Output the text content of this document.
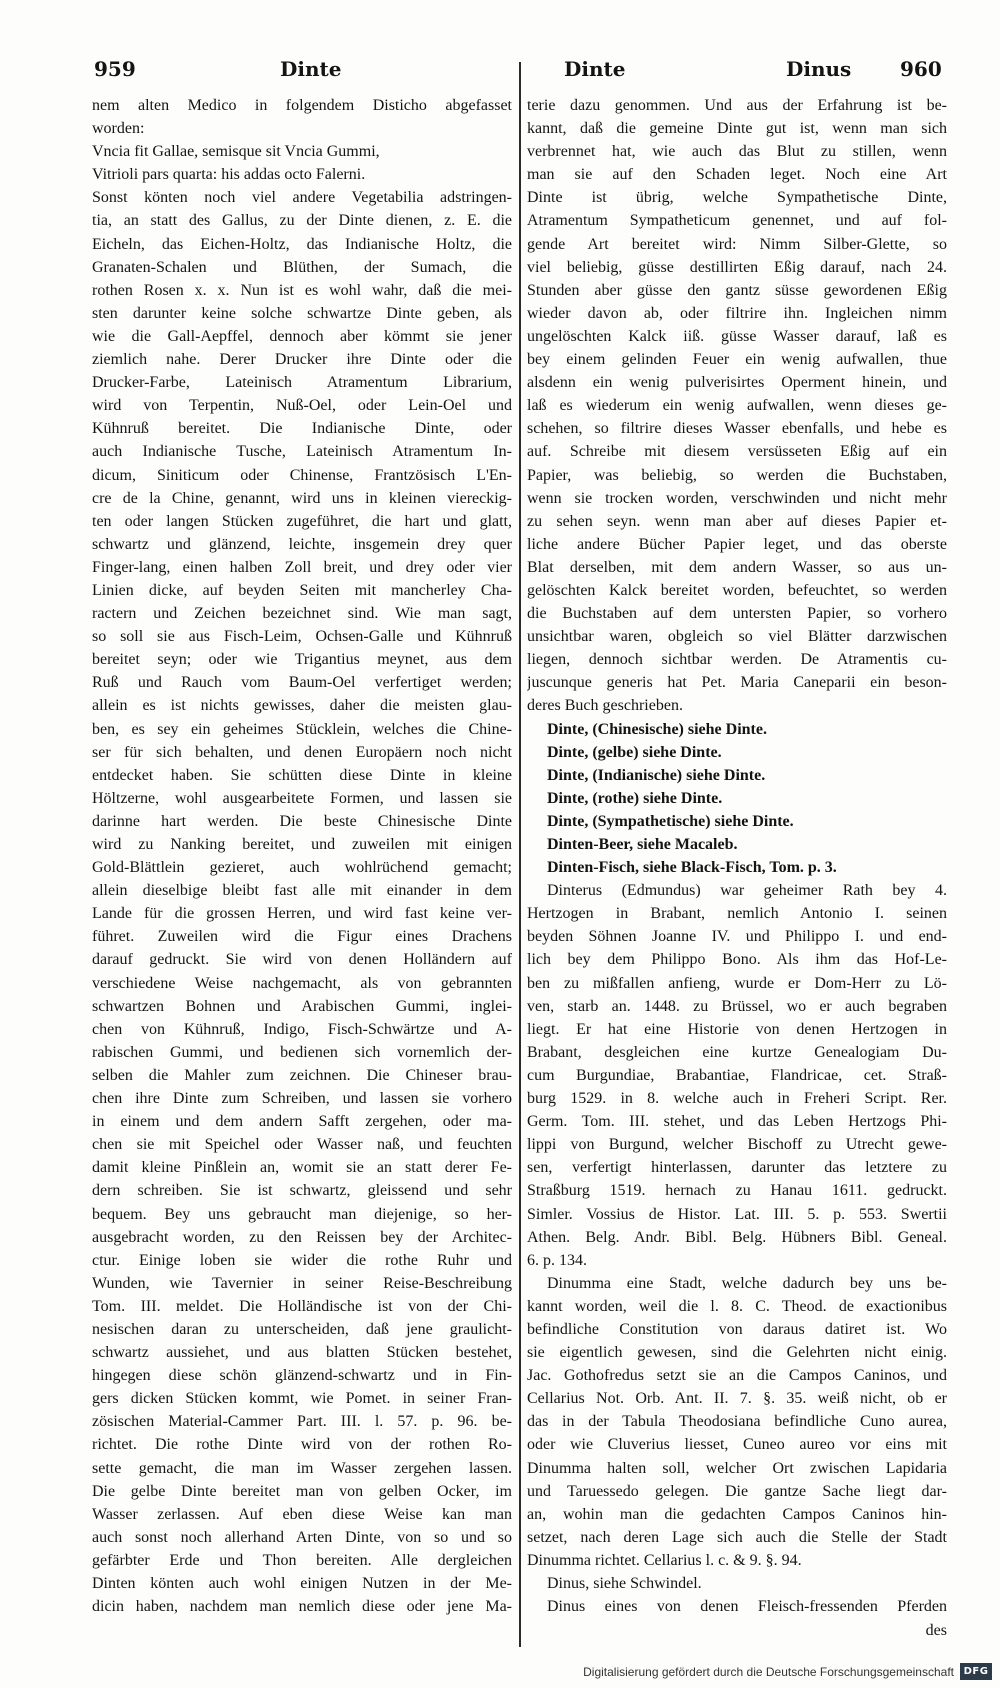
959	Dinte	Dinte	Dinus 960
nem alten Medico in folgendem Disticho abgefasset
worden:
Vncia fit Gallae, semisque sit Vncia Gummi,
Vitrioli pars quarta: his addas octo Falerni.
Sonst könten noch viel andere Vegetabilia adstringen-
tia, an statt des Gallus, zu der Dinte dienen, z. E. die
Eicheln, das Eichen-Holtz, das Indianische Holtz, die
Granaten-Schalen und Blüthen, der Sumach, die
rothen Rosen x. x. Nun ist es wohl wahr, daß die mei-
sten darunter keine solche schwartze Dinte geben, als
wie die Gall-Aepffel, dennoch aber kömmt sie jener
ziemlich nahe. Derer Drucker ihre Dinte oder die
Drucker-Farbe, Lateinisch Atramentum Librarium,
wird von Terpentin, Nuß-Oel, oder Lein-Oel und
Kühnruß bereitet. Die Indianische Dinte, oder
auch Indianische Tusche, Lateinisch Atramentum In-
dicum, Siniticum oder Chinense, Frantzösisch L'En-
cre de la Chine, genannt, wird uns in kleinen viereckig-
ten oder langen Stücken zugeführet, die hart und glatt,
schwartz und glänzend, leichte, insgemein drey quer
Finger-lang, einen halben Zoll breit, und drey oder vier
Linien dicke, auf beyden Seiten mit mancherley Cha-
ractern und Zeichen bezeichnet sind. Wie man sagt,
so soll sie aus Fisch-Leim, Ochsen-Galle und Kühnruß
bereitet seyn; oder wie Trigantius meynet, aus dem
Ruß und Rauch vom Baum-Oel verfertiget werden;
allein es ist nichts gewisses, daher die meisten glau-
ben, es sey ein geheimes Stücklein, welches die Chine-
ser für sich behalten, und denen Europäern noch nicht
entdecket haben. Sie schütten diese Dinte in kleine
Höltzerne, wohl ausgearbeitete Formen, und lassen sie
darinne hart werden. Die beste Chinesische Dinte
wird zu Nanking bereitet, und zuweilen mit einigen
Gold-Blättlein gezieret, auch wohlrüchend gemacht;
allein dieselbige bleibt fast alle mit einander in dem
Lande für die grossen Herren, und wird fast keine ver-
führet. Zuweilen wird die Figur eines Drachens
darauf gedruckt. Sie wird von denen Holländern auf
verschiedene Weise nachgemacht, als von gebrannten
schwartzen Bohnen und Arabischen Gummi, inglei-
chen von Kühnruß, Indigo, Fisch-Schwärtze und A-
rabischen Gummi, und bedienen sich vornemlich der-
selben die Mahler zum zeichnen. Die Chineser brau-
chen ihre Dinte zum Schreiben, und lassen sie vorhero
in einem und dem andern Safft zergehen, oder ma-
chen sie mit Speichel oder Wasser naß, und feuchten
damit kleine Pinßlein an, womit sie an statt derer Fe-
dern schreiben. Sie ist schwartz, gleissend und sehr
bequem. Bey uns gebraucht man diejenige, so her-
ausgebracht worden, zu den Reissen bey der Architec-
ctur. Einige loben sie wider die rothe Ruhr und
Wunden, wie Tavernier in seiner Reise-Beschreibung
Tom. III. meldet. Die Holländische ist von der Chi-
nesischen daran zu unterscheiden, daß jene graulicht-
schwartz aussiehet, und aus blatten Stücken bestehet,
hingegen diese schön glänzend-schwartz und in Fin-
gers dicken Stücken kommt, wie Pomet. in seiner Fran-
zösischen Material-Cammer Part. III. l. 57. p. 96. be-
richtet. Die rothe Dinte wird von der rothen Ro-
sette gemacht, die man im Wasser zergehen lassen.
Die gelbe Dinte bereitet man von gelben Ocker, im
Wasser zerlassen. Auf eben diese Weise kan man
auch sonst noch allerhand Arten Dinte, von so und so
gefärbter Erde und Thon bereiten. Alle dergleichen
Dinten könten auch wohl einigen Nutzen in der Me-
dicin haben, nachdem man nemlich diese oder jene Ma-
terie dazu genommen. Und aus der Erfahrung ist be-
kannt, daß die gemeine Dinte gut ist, wenn man sich
verbrennet hat, wie auch das Blut zu stillen, wenn
man sie auf den Schaden leget. Noch eine Art
Dinte ist übrig, welche Sympathetische Dinte,
Atramentum Sympatheticum genennet, und auf fol-
gende Art bereitet wird: Nimm Silber-Glette, so
viel beliebig, güsse destillirten Eßig darauf, nach 24.
Stunden aber güsse den gantz süsse gewordenen Eßig
wieder davon ab, oder filtrire ihn. Ingleichen nimm
ungelöschten Kalck iiß. güsse Wasser darauf, laß es
bey einem gelinden Feuer ein wenig aufwallen, thue
alsdenn ein wenig pulverisirtes Operment hinein, und
laß es wiederum ein wenig aufwallen, wenn dieses ge-
schehen, so filtrire dieses Wasser ebenfalls, und hebe es
auf. Schreibe mit diesem versüsseten Eßig auf ein
Papier, was beliebig, so werden die Buchstaben,
wenn sie trocken worden, verschwinden und nicht mehr
zu sehen seyn. wenn man aber auf dieses Papier et-
liche andere Bücher Papier leget, und das oberste
Blat derselben, mit dem andern Wasser, so aus un-
gelöschten Kalck bereitet worden, befeuchtet, so werden
die Buchstaben auf dem untersten Papier, so vorhero
unsichtbar waren, obgleich so viel Blätter darzwischen
liegen, dennoch sichtbar werden. De Atramentis cu-
juscunque generis hat Pet. Maria Caneparii ein beson-
deres Buch geschrieben.
Dinte, (Chinesische) siehe Dinte.
Dinte, (gelbe) siehe Dinte.
Dinte, (Indianische) siehe Dinte.
Dinte, (rothe) siehe Dinte.
Dinte, (Sympathetische) siehe Dinte.
Dinten-Beer, siehe Macaleb.
Dinten-Fisch, siehe Black-Fisch, Tom. p. 3.
Dinterus (Edmundus) war geheimer Rath bey 4.
Hertzogen in Brabant, nemlich Antonio I. seinen
beyden Söhnen Joanne IV. und Philippo I. und end-
lich bey dem Philippo Bono. Als ihm das Hof-Le-
ben zu mißfallen anfieng, wurde er Dom-Herr zu Lö-
ven, starb an. 1448. zu Brüssel, wo er auch begraben
liegt. Er hat eine Historie von denen Hertzogen in
Brabant, desgleichen eine kurtze Genealogiam Du-
cum Burgundiae, Brabantiae, Flandricae, cet. Straß-
burg 1529. in 8. welche auch in Freheri Script. Rer.
Germ. Tom. III. stehet, und das Leben Hertzogs Phi-
lippi von Burgund, welcher Bischoff zu Utrecht gewe-
sen, verfertigt hinterlassen, darunter das letztere zu
Straßburg 1519. hernach zu Hanau 1611. gedruckt.
Simler. Vossius de Histor. Lat. III. 5. p. 553. Swertii
Athen. Belg. Andr. Bibl. Belg. Hübners Bibl. Geneal.
6. p. 134.
Dinumma eine Stadt, welche dadurch bey uns be-
kannt worden, weil die l. 8. C. Theod. de exactionibus
befindliche Constitution von daraus datiret ist. Wo
sie eigentlich gewesen, sind die Gelehrten nicht einig.
Jac. Gothofredus setzt sie an die Campos Caninos, und
Cellarius Not. Orb. Ant. II. 7. §. 35. weiß nicht, ob er
das in der Tabula Theodosiana befindliche Cuno aurea,
oder wie Cluverius liesset, Cuneo aureo vor eins mit
Dinumma halten soll, welcher Ort zwischen Lapidaria
und Taruessedo gelegen. Die gantze Sache liegt dar-
an, wohin man die gedachten Campos Caninos hin-
setzet, nach deren Lage sich auch die Stelle der Stadt
Dinumma richtet. Cellarius l. c. & 9. §. 94.
Dinus, siehe Schwindel.
Dinus eines von denen Fleisch-fressenden Pferden
des
Digitalisierung gefördert durch die Deutsche Forschungsgemeinschaft DFG
